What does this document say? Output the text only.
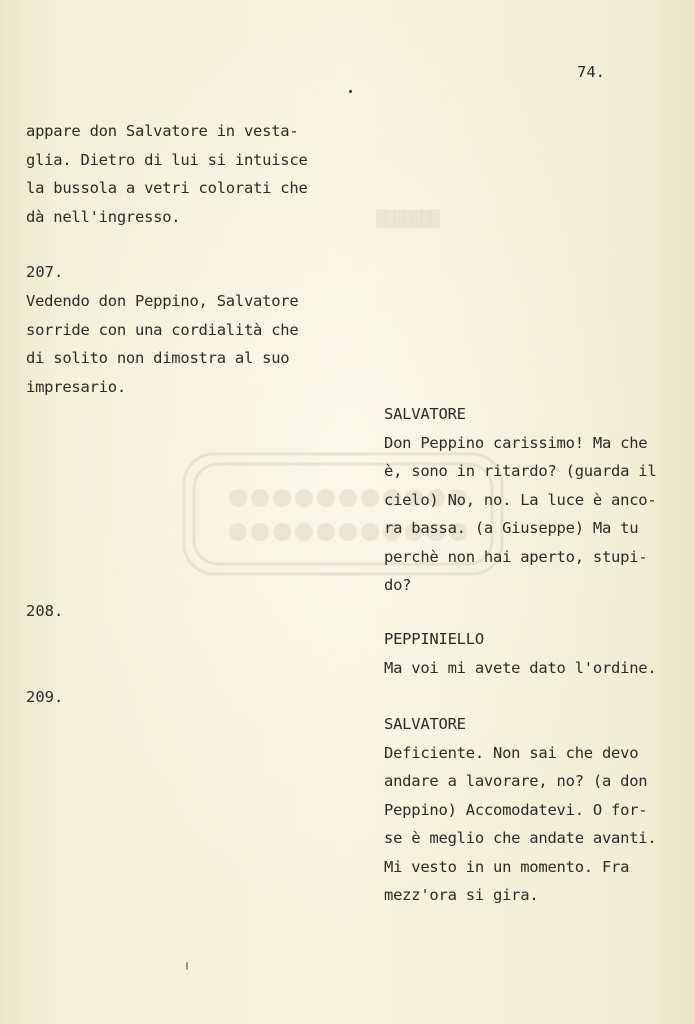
███████
74.
appare don Salvatore in vesta-
glia. Dietro di lui si intuisce
la bussola a vetri colorati che
dà nell'ingresso.
207.
Vedendo don Peppino, Salvatore
sorride con una cordialità che
di solito non dimostra al suo
impresario.
208.
209.
SALVATORE
Don Peppino carissimo! Ma che
è, sono in ritardo? (guarda il
cielo) No, no. La luce è anco-
ra bassa. (a Giuseppe) Ma tu
perchè non hai aperto, stupi-
do?
PEPPINIELLO
Ma voi mi avete dato l'ordine.
SALVATORE
Deficiente. Non sai che devo
andare a lavorare, no? (a don
Peppino) Accomodatevi. O for-
se è meglio che andate avanti.
Mi vesto in un momento. Fra
mezz'ora si gira.
